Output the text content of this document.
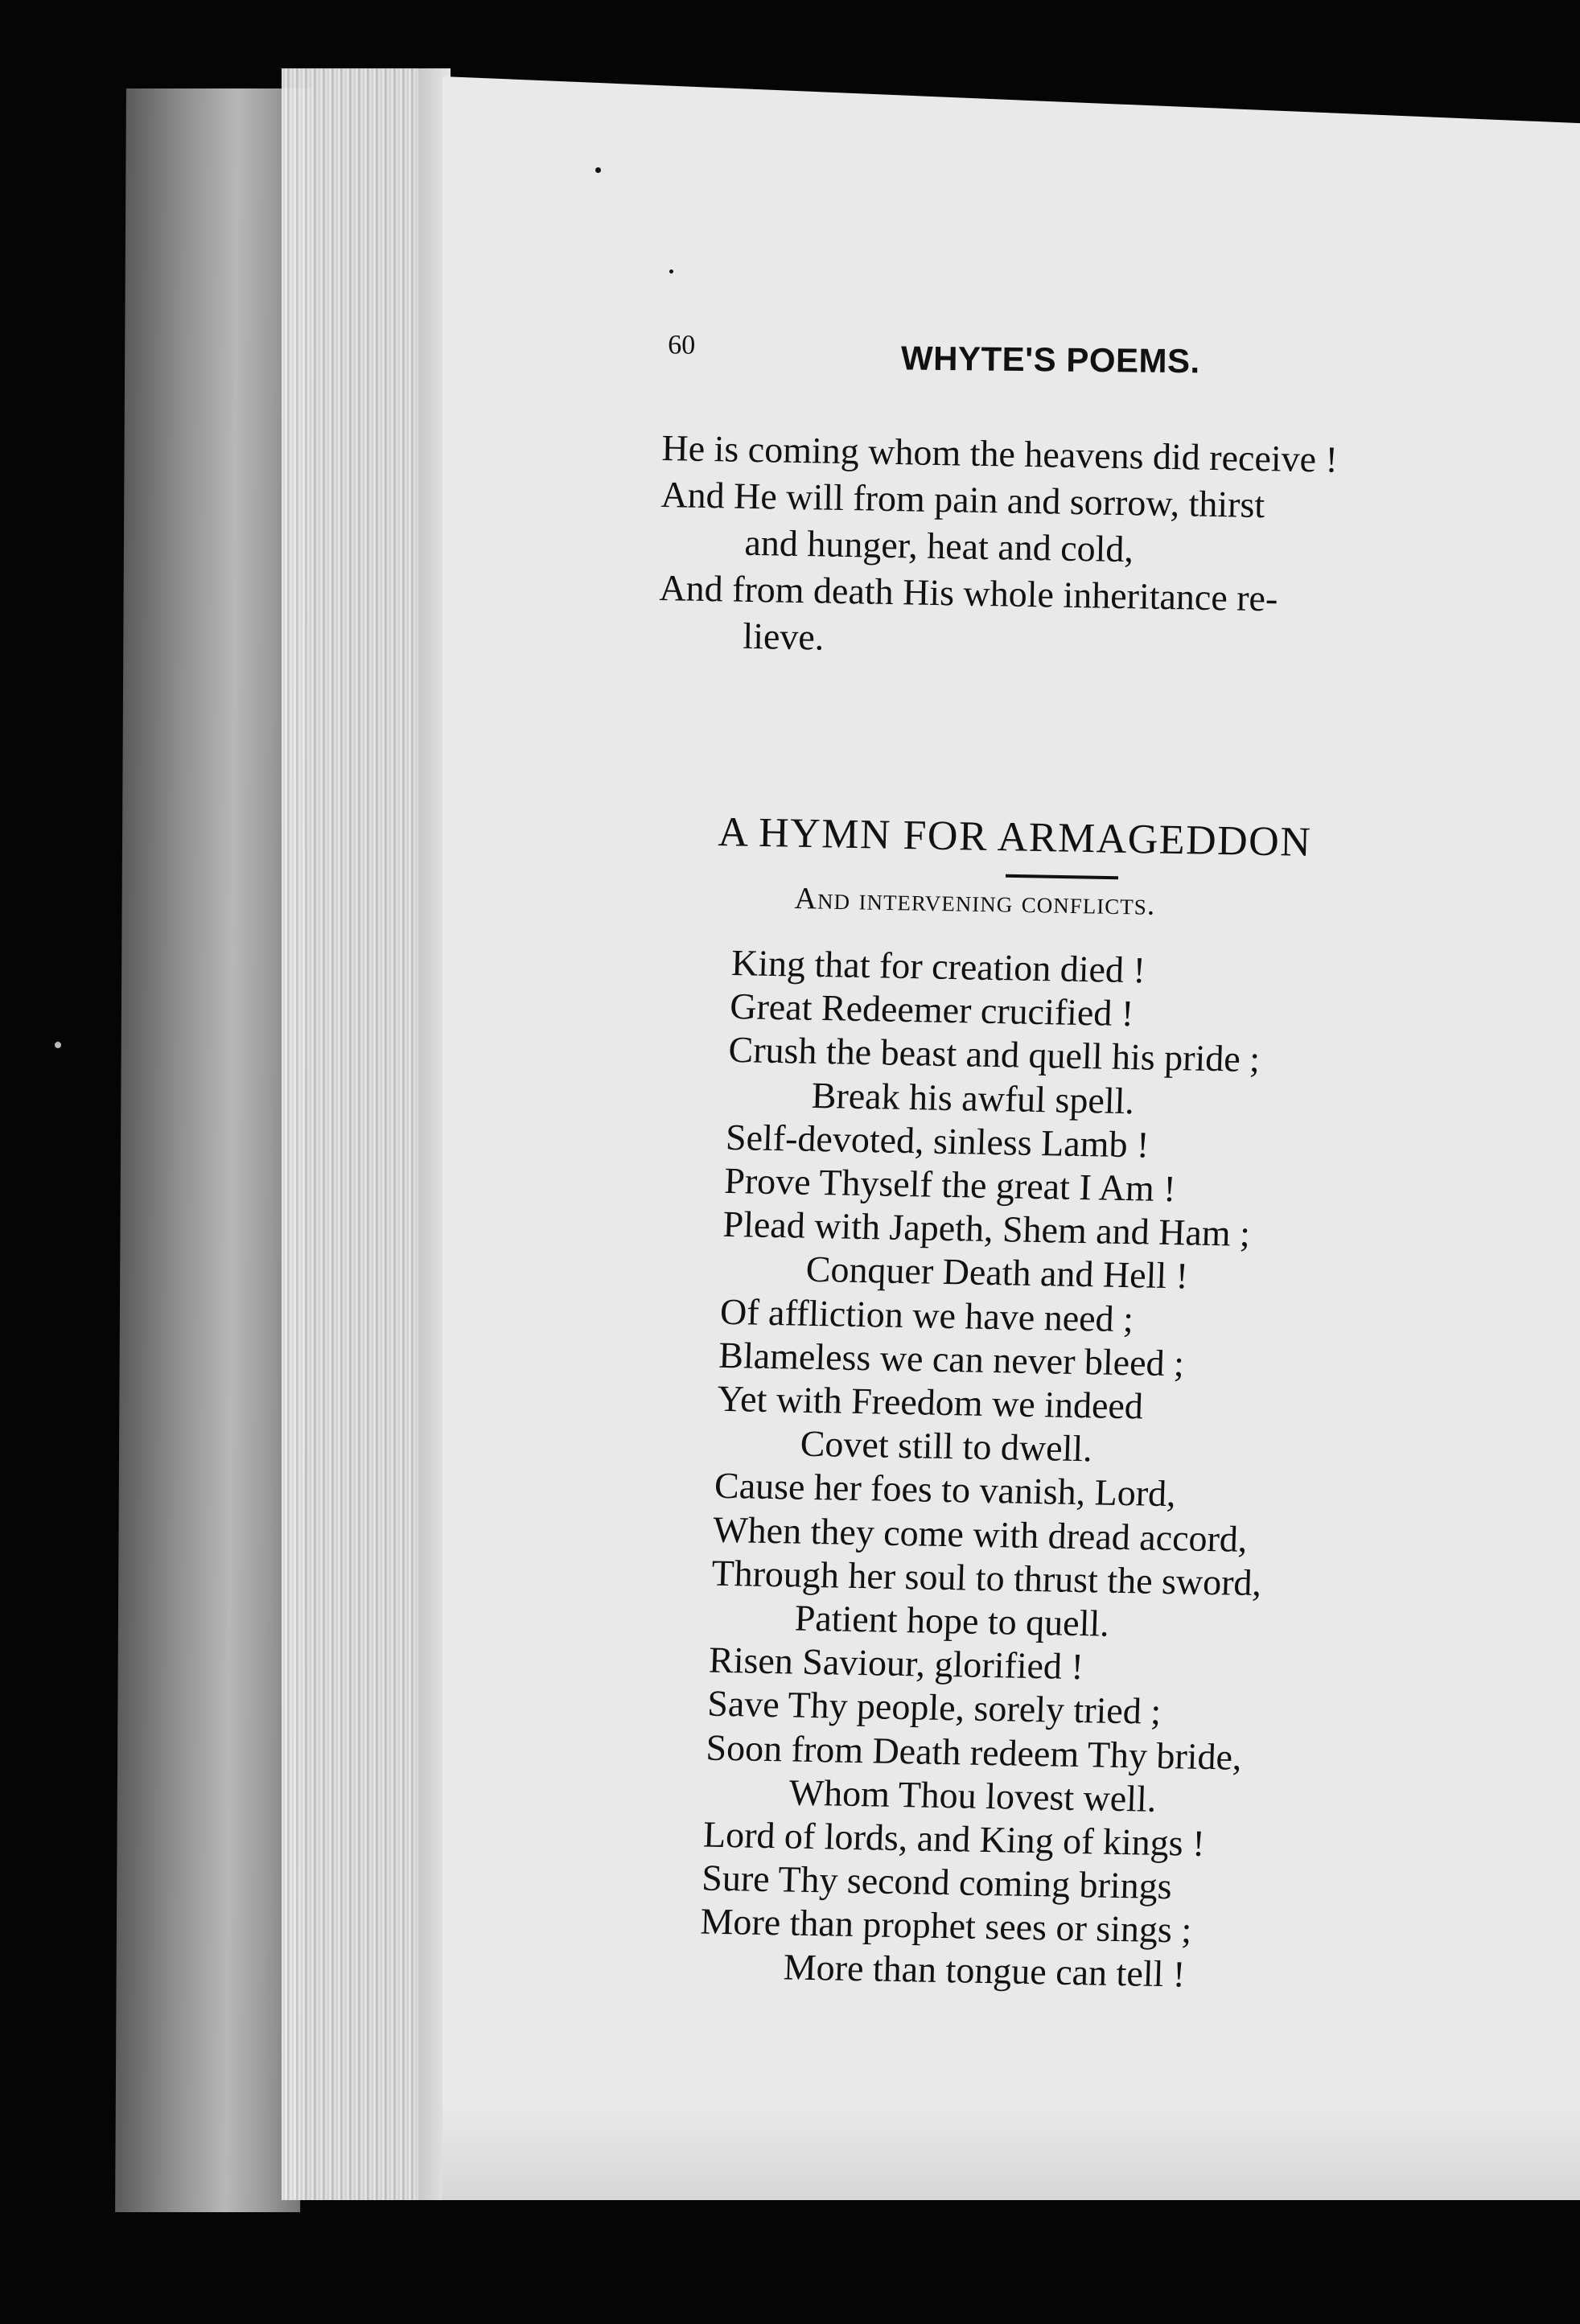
60	WHYTE'S POEMS.
He is coming whom the heavens did receive !
And He will from pain and sorrow, thirst
and hunger, heat and cold,
And from death His whole inheritance re-
lieve.
A HYMN FOR ARMAGEDDON
And intervening conflicts.
King that for creation died !
Great Redeemer crucified !
Crush the beast and quell his pride ;
Break his awful spell.
Self-devoted, sinless Lamb !
Prove Thyself the great I Am !
Plead with Japeth, Shem and Ham ;
Conquer Death and Hell !
Of affliction we have need ;
Blameless we can never bleed ;
Yet with Freedom we indeed
Covet still to dwell.
Cause her foes to vanish, Lord,
When they come with dread accord,
Through her soul to thrust the sword,
Patient hope to quell.
Risen Saviour, glorified !
Save Thy people, sorely tried ;
Soon from Death redeem Thy bride,
Whom Thou lovest well.
Lord of lords, and King of kings !
Sure Thy second coming brings
More than prophet sees or sings ;
More than tongue can tell !
